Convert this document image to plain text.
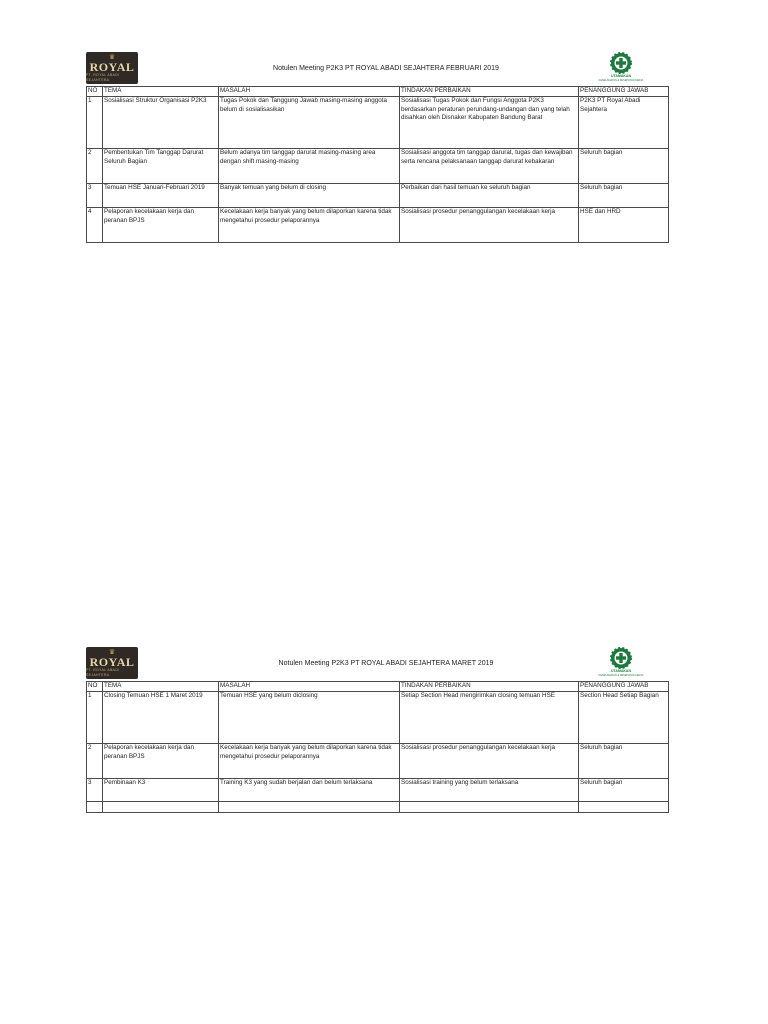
♛
ROYAL
PT. ROYAL ABADI SEJAHTERA
Notulen Meeting P2K3 PT ROYAL ABADI SEJAHTERA FEBRUARI 2019
UTAMAKAN
KESELAMATAN & KESEHATAN KERJA
NO	TEMA	MASALAH	TINDAKAN PERBAIKAN	PENANGGUNG JAWAB
1	Sosialisasi Struktur Organisasi P2K3	Tugas Pokok dan Tanggung Jawab masing-masing anggota belum di sosialisasikan	Sosialisasi Tugas Pokok dan Fungsi Anggota P2K3 berdasarkan peraturan perundang-undangan dan yang telah disahkan oleh Disnaker Kabupaten Bandung Barat	P2K3 PT Royal Abadi Sejahtera
2	Pembentukan Tim Tanggap Darurat Seluruh Bagian	Belum adanya tim tanggap darurat masing-masing area dengan shift masing-masing	Sosialisasi anggota tim tanggap darurat, tugas dan kewajiban serta rencana pelaksanaan tanggap darurat kebakaran	Seluruh bagian
3	Temuan HSE Januari-Februari 2019	Banyak temuan yang belum di closing	Perbaikan dari hasil temuan ke seluruh bagian	Seluruh bagian
4	Pelaporan kecelakaan kerja dan peranan BPJS	Kecelakaan kerja banyak yang belum dilaporkan karena tidak mengetahui prosedur pelaporannya	Sosialisasi prosedur penanggulangan kecelakaan kerja	HSE dan HRD
♛
ROYAL
PT. ROYAL ABADI SEJAHTERA
Notulen Meeting P2K3 PT ROYAL ABADI SEJAHTERA MARET 2019
UTAMAKAN
KESELAMATAN & KESEHATAN KERJA
NO	TEMA	MASALAH	TINDAKAN PERBAIKAN	PENANGGUNG JAWAB
1	Closing Temuan HSE 1 Maret 2019	Temuan HSE yang belum diclosing	Setiap Section Head mengirimkan closing temuan HSE	Section Head Setiap Bagian
2	Pelaporan kecelakaan kerja dan peranan BPJS	Kecelakaan kerja banyak yang belum dilaporkan karena tidak mengetahui prosedur pelaporannya	Sosialisasi prosedur penanggulangan kecelakaan kerja	Seluruh bagian
3	Pembinaan K3	Training K3 yang sudah berjalan dan belum terlaksana	Sosialisasi training yang belum terlaksana	Seluruh bagian
